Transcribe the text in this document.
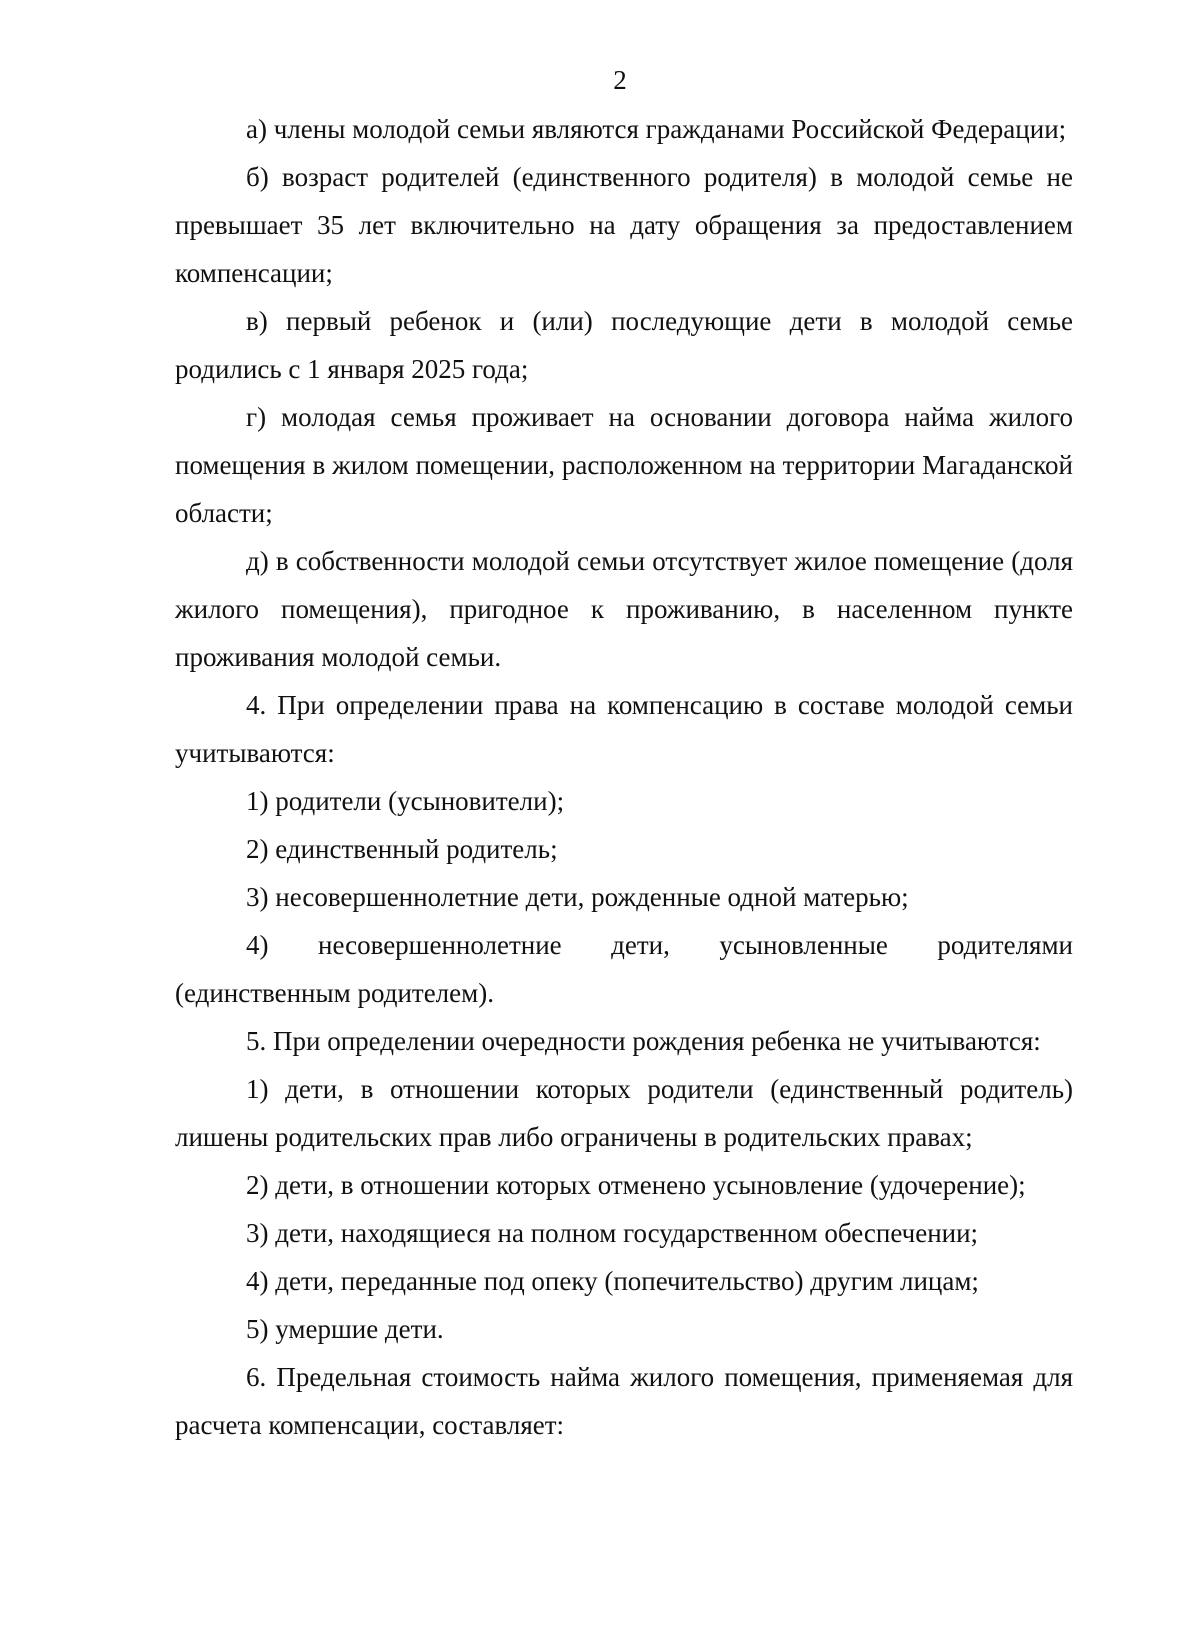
2

а) члены молодой семьи являются гражданами Российской Федерации;

б) возраст родителей (единственного родителя) в молодой семье не превышает 35 лет включительно на дату обращения за предоставлением компенсации;

в) первый ребенок и (или) последующие дети в молодой семье родились с 1 января 2025 года;

г) молодая семья проживает на основании договора найма жилого помещения в жилом помещении, расположенном на территории Магаданской области;

д) в собственности молодой семьи отсутствует жилое помещение (доля жилого помещения), пригодное к проживанию, в населенном пункте проживания молодой семьи.

4. При определении права на компенсацию в составе молодой семьи учитываются:

1) родители (усыновители);

2) единственный родитель;

3) несовершеннолетние дети, рожденные одной матерью;

4) несовершеннолетние дети, усыновленные родителями (единственным родителем).

5. При определении очередности рождения ребенка не учитываются:

1) дети, в отношении которых родители (единственный родитель) лишены родительских прав либо ограничены в родительских правах;

2) дети, в отношении которых отменено усыновление (удочерение);

3) дети, находящиеся на полном государственном обеспечении;

4) дети, переданные под опеку (попечительство) другим лицам;

5) умершие дети.

6. Предельная стоимость найма жилого помещения, применяемая для расчета компенсации, составляет:
